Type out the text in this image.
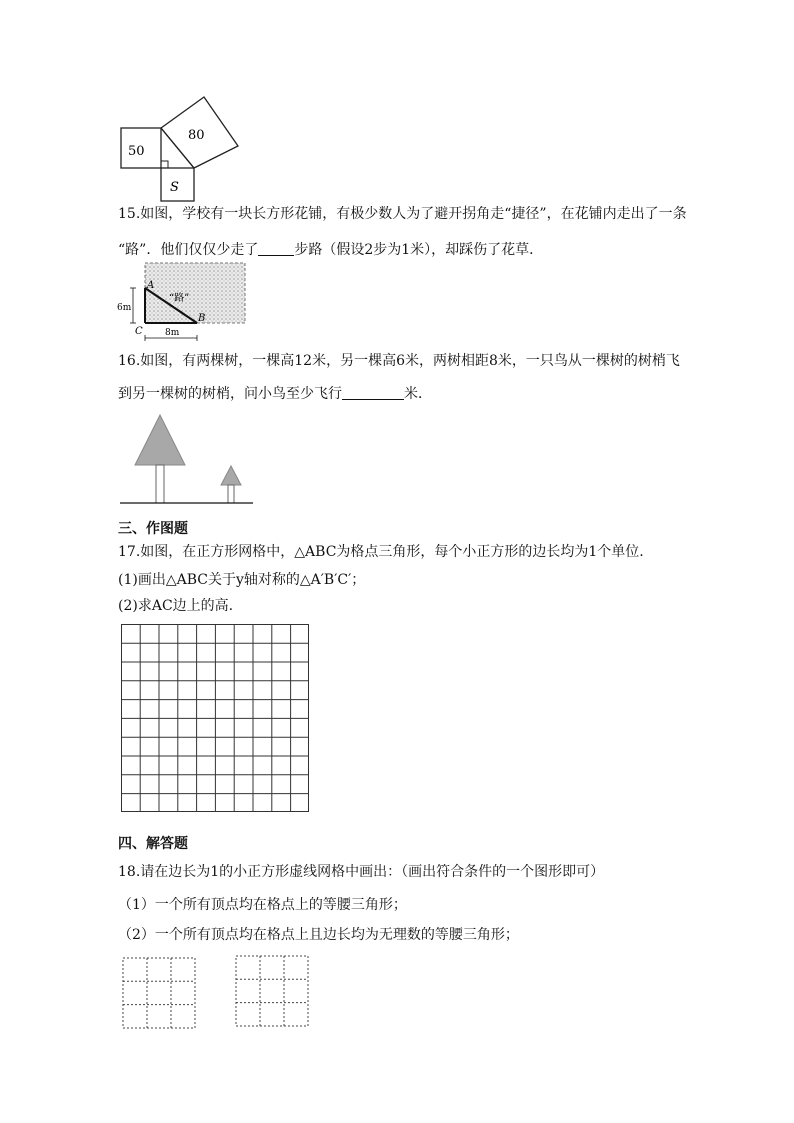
50
80
S
15.如图，学校有一块长方形花铺，有极少数人为了避开拐角走“捷径”，在花铺内走出了一条
“路”．他们仅仅少走了	步路（假设2步为1米），却踩伤了花草．
A
B
C
“路”
6m
8m
16.如图，有两棵树，一棵高12米，另一棵高6米，两树相距8米，一只鸟从一棵树的树梢飞
到另一棵树的树梢，问小鸟至少飞行	米．
三、作图题
17.如图，在正方形网格中，△ABC为格点三角形，每个小正方形的边长均为1个单位.
(1)画出△ABC关于y轴对称的△A′B′C′；
(2)求AC边上的高.
四、解答题
18.请在边长为1的小正方形虚线网格中画出：（画出符合条件的一个图形即可）
（1）一个所有顶点均在格点上的等腰三角形；
（2）一个所有顶点均在格点上且边长均为无理数的等腰三角形；
